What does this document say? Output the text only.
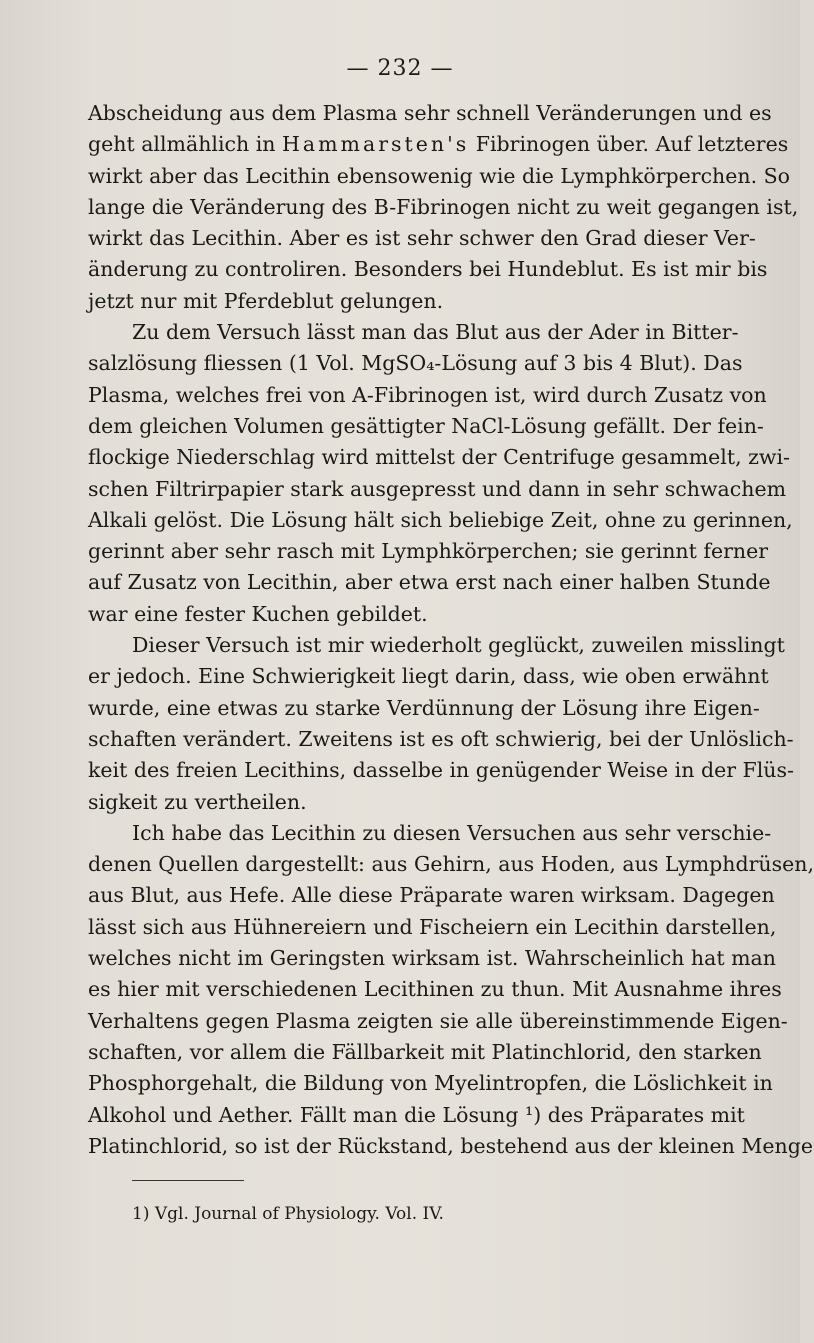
— 232 —
Abscheidung aus dem Plasma sehr schnell Veränderungen und es
geht allmählich in Hammarsten's Fibrinogen über. Auf letzteres
wirkt aber das Lecithin ebensowenig wie die Lymphkörperchen. So
lange die Veränderung des B-Fibrinogen nicht zu weit gegangen ist,
wirkt das Lecithin. Aber es ist sehr schwer den Grad dieser Ver-
änderung zu controliren. Besonders bei Hundeblut. Es ist mir bis
jetzt nur mit Pferdeblut gelungen.
Zu dem Versuch lässt man das Blut aus der Ader in Bitter-
salzlösung fliessen (1 Vol. MgSO₄-Lösung auf 3 bis 4 Blut). Das
Plasma, welches frei von A-Fibrinogen ist, wird durch Zusatz von
dem gleichen Volumen gesättigter NaCl-Lösung gefällt. Der fein-
flockige Niederschlag wird mittelst der Centrifuge gesammelt, zwi-
schen Filtrirpapier stark ausgepresst und dann in sehr schwachem
Alkali gelöst. Die Lösung hält sich beliebige Zeit, ohne zu gerinnen,
gerinnt aber sehr rasch mit Lymphkörperchen; sie gerinnt ferner
auf Zusatz von Lecithin, aber etwa erst nach einer halben Stunde
war eine fester Kuchen gebildet.
Dieser Versuch ist mir wiederholt geglückt, zuweilen misslingt
er jedoch. Eine Schwierigkeit liegt darin, dass, wie oben erwähnt
wurde, eine etwas zu starke Verdünnung der Lösung ihre Eigen-
schaften verändert. Zweitens ist es oft schwierig, bei der Unlöslich-
keit des freien Lecithins, dasselbe in genügender Weise in der Flüs-
sigkeit zu vertheilen.
Ich habe das Lecithin zu diesen Versuchen aus sehr verschie-
denen Quellen dargestellt: aus Gehirn, aus Hoden, aus Lymphdrüsen,
aus Blut, aus Hefe. Alle diese Präparate waren wirksam. Dagegen
lässt sich aus Hühnereiern und Fischeiern ein Lecithin darstellen,
welches nicht im Geringsten wirksam ist. Wahrscheinlich hat man
es hier mit verschiedenen Lecithinen zu thun. Mit Ausnahme ihres
Verhaltens gegen Plasma zeigten sie alle übereinstimmende Eigen-
schaften, vor allem die Fällbarkeit mit Platinchlorid, den starken
Phosphorgehalt, die Bildung von Myelintropfen, die Löslichkeit in
Alkohol und Aether. Fällt man die Lösung ¹) des Präparates mit
Platinchlorid, so ist der Rückstand, bestehend aus der kleinen Menge
1) Vgl. Journal of Physiology. Vol. IV.
